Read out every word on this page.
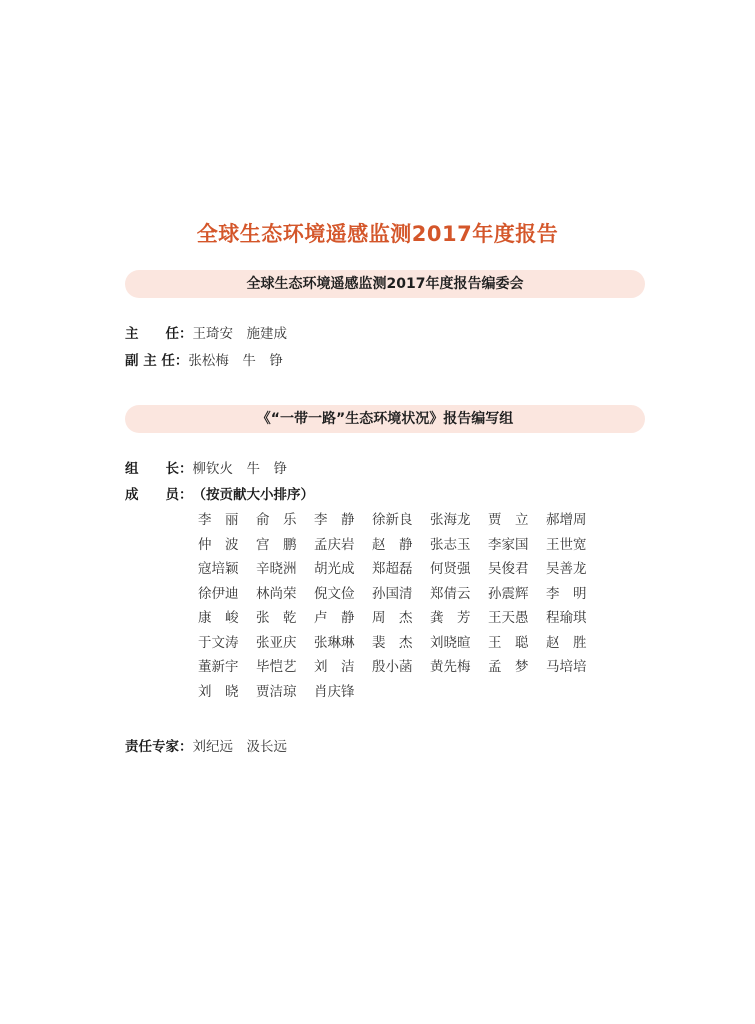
全球生态环境遥感监测2017年度报告
全球生态环境遥感监测2017年度报告编委会
主　　任：王琦安　施建成
副 主 任：张松梅　牛　铮
《“一带一路”生态环境状况》报告编写组
组　　长：柳钦火　牛　铮
成　　员：（按贡献大小排序）
李　丽	俞　乐	李　静	徐新良	张海龙	贾　立	郝增周
仲　波	宫　鹏	孟庆岩	赵　静	张志玉	李家国	王世宽
寇培颖	辛晓洲	胡光成	郑超磊	何贤强	吴俊君	吴善龙
徐伊迪	林尚荣	倪文俭	孙国清	郑倩云	孙震辉	李　明
康　峻	张　乾	卢　静	周　杰	龚　芳	王天愚	程瑜琪
于文涛	张亚庆	张琳琳	裴　杰	刘晓暄	王　聪	赵　胜
董新宇	毕恺艺	刘　洁	殷小菡	黄先梅	孟　梦	马培培
刘　晓	贾洁琼	肖庆锋
责任专家：刘纪远　汲长远
